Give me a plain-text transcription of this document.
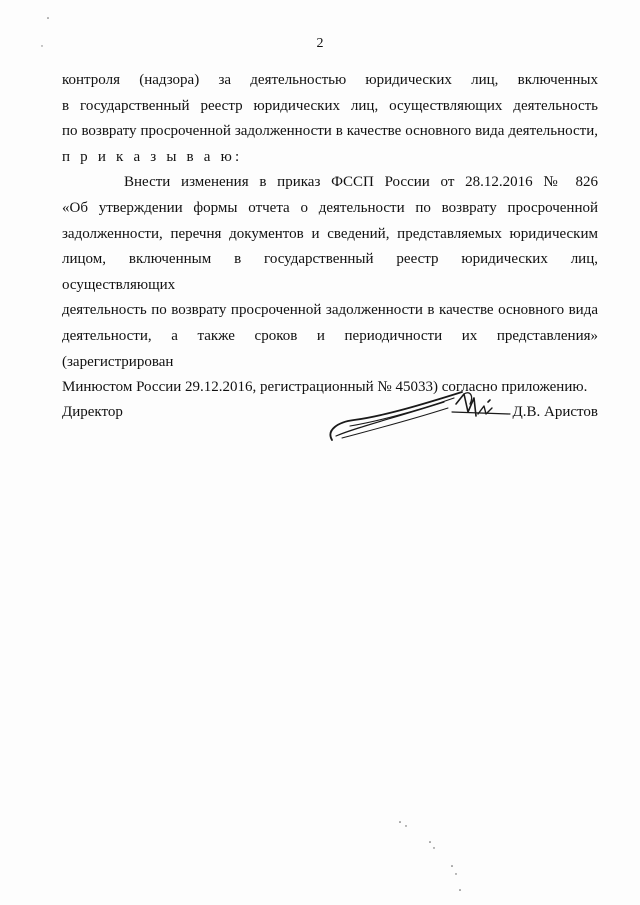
2
контроля (надзора) за деятельностью юридических лиц, включенных
в государственный реестр юридических лиц, осуществляющих деятельность
по возврату просроченной задолженности в качестве основного вида деятельности,
п р и к а з ы в а ю:
Внести изменения в приказ ФССП России от 28.12.2016 № 826
«Об утверждении формы отчета о деятельности по возврату просроченной
задолженности, перечня документов и сведений, представляемых юридическим
лицом, включенным в государственный реестр юридических лиц, осуществляющих
деятельность по возврату просроченной задолженности в качестве основного вида
деятельности, а также сроков и периодичности их представления» (зарегистрирован
Минюстом России 29.12.2016, регистрационный № 45033) согласно приложению.
Директор	Д.В. Аристов
